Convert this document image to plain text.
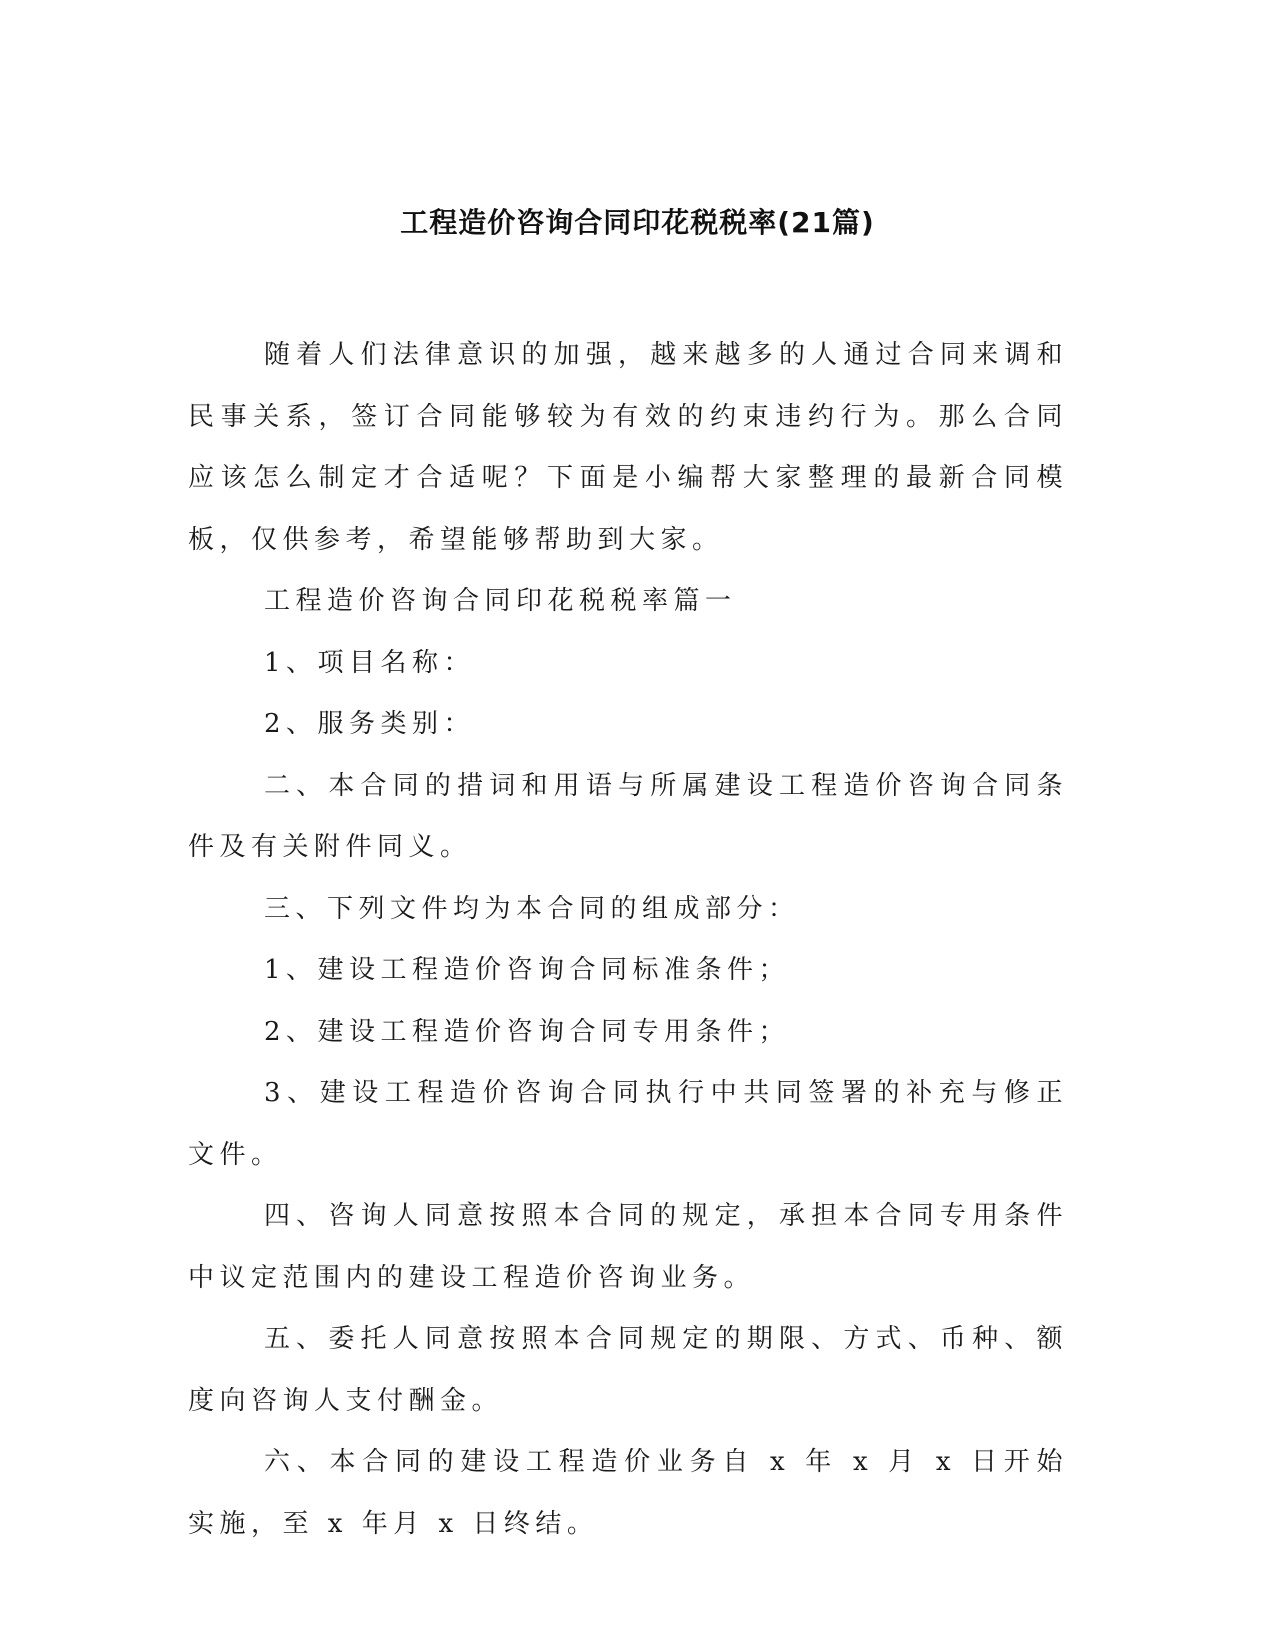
工程造价咨询合同印花税税率(21篇)

随着人们法律意识的加强，越来越多的人通过合同来调和民事关系，签订合同能够较为有效的约束违约行为。那么合同应该怎么制定才合适呢？下面是小编帮大家整理的最新合同模板，仅供参考，希望能够帮助到大家。

工程造价咨询合同印花税税率篇一

1、项目名称：

2、服务类别：

二、本合同的措词和用语与所属建设工程造价咨询合同条件及有关附件同义。

三、下列文件均为本合同的组成部分：

1、建设工程造价咨询合同标准条件；

2、建设工程造价咨询合同专用条件；

3、建设工程造价咨询合同执行中共同签署的补充与修正文件。

四、咨询人同意按照本合同的规定，承担本合同专用条件中议定范围内的建设工程造价咨询业务。

五、委托人同意按照本合同规定的期限、方式、币种、额度向咨询人支付酬金。

六、本合同的建设工程造价业务自 x 年 x 月 x 日开始实施，至 x 年月 x 日终结。
